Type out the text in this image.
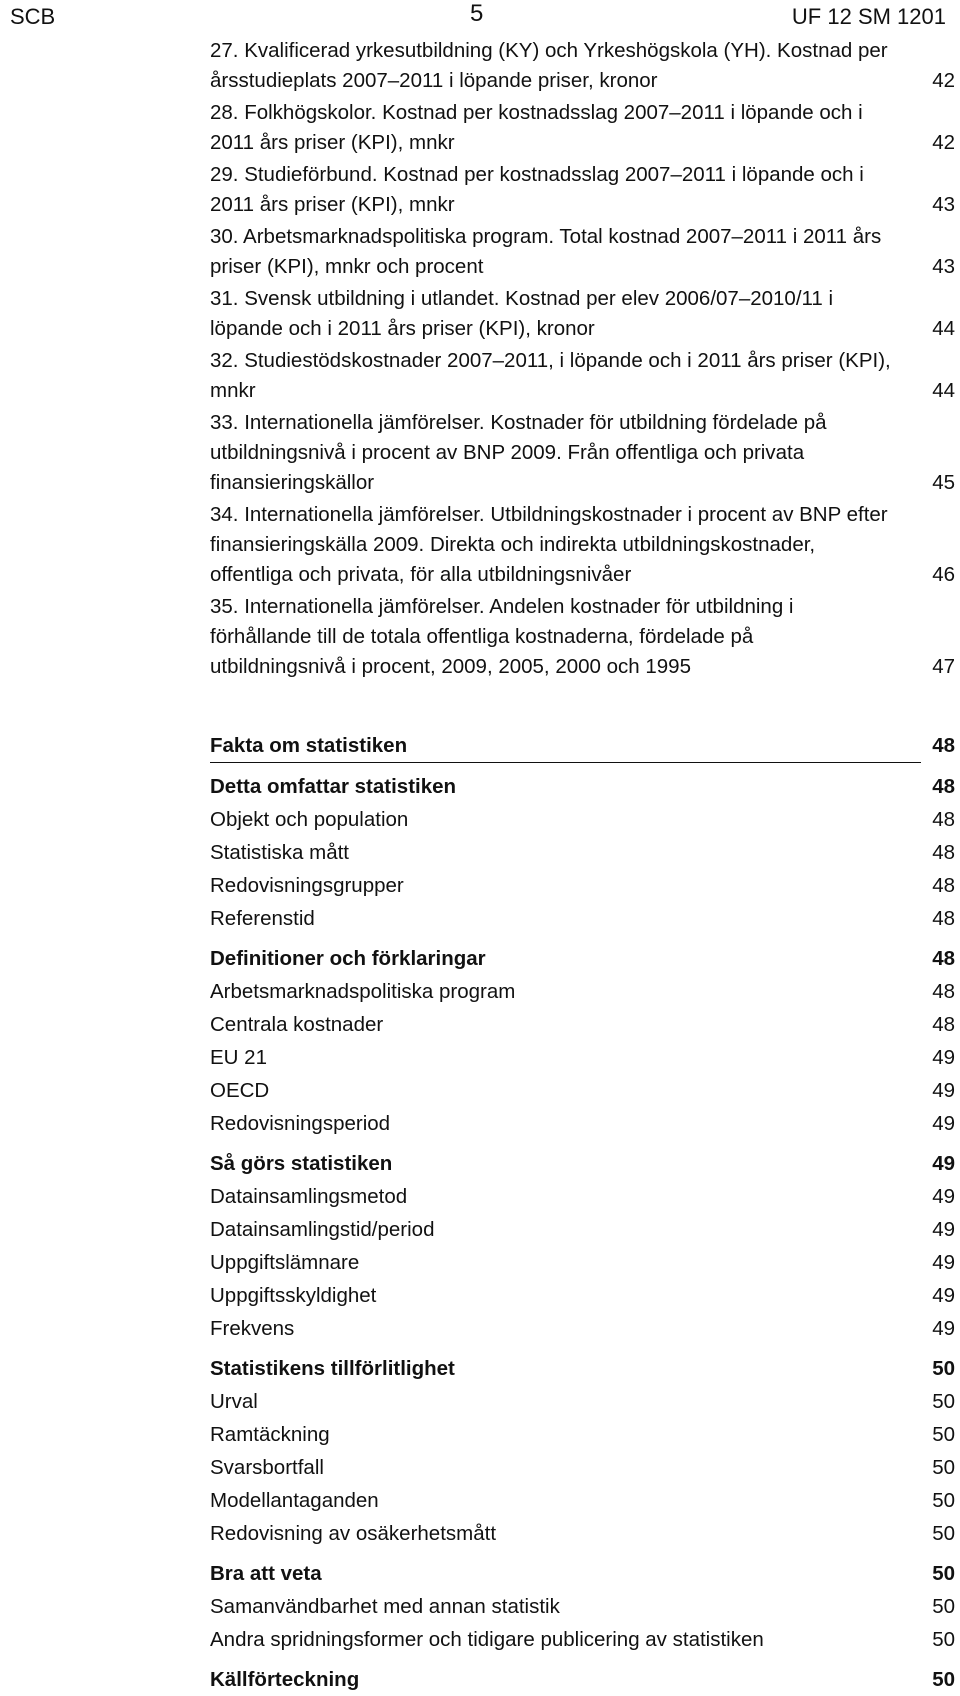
SCB	5	UF 12 SM 1201
27. Kvalificerad yrkesutbildning (KY) och Yrkeshögskola (YH). Kostnad per årsstudieplats 2007–2011 i löpande priser, kronor	42
28. Folkhögskolor. Kostnad per kostnadsslag 2007–2011 i löpande och i 2011 års priser (KPI), mnkr	42
29. Studieförbund. Kostnad per kostnadsslag 2007–2011 i löpande och i 2011 års priser (KPI), mnkr	43
30. Arbetsmarknadspolitiska program. Total kostnad 2007–2011 i 2011 års priser (KPI), mnkr och procent	43
31. Svensk utbildning i utlandet. Kostnad per elev 2006/07–2010/11 i löpande och i 2011 års priser (KPI), kronor	44
32. Studiestödskostnader 2007–2011, i löpande och i 2011 års priser (KPI), mnkr	44
33. Internationella jämförelser. Kostnader för utbildning fördelade på utbildningsnivå i procent av BNP 2009. Från offentliga och privata finansieringskällor	45
34. Internationella jämförelser. Utbildningskostnader i procent av BNP efter finansieringskälla 2009. Direkta och indirekta utbildningskostnader, offentliga och privata, för alla utbildningsnivåer	46
35. Internationella jämförelser. Andelen kostnader för utbildning i förhållande till de totala offentliga kostnaderna, fördelade på utbildningsnivå i procent, 2009, 2005, 2000 och 1995	47
Fakta om statistiken	48
Detta omfattar statistiken	48
Objekt och population	48
Statistiska mått	48
Redovisningsgrupper	48
Referenstid	48
Definitioner och förklaringar	48
Arbetsmarknadspolitiska program	48
Centrala kostnader	48
EU 21	49
OECD	49
Redovisningsperiod	49
Så görs statistiken	49
Datainsamlingsmetod	49
Datainsamlingstid/period	49
Uppgiftslämnare	49
Uppgiftsskyldighet	49
Frekvens	49
Statistikens tillförlitlighet	50
Urval	50
Ramtäckning	50
Svarsbortfall	50
Modellantaganden	50
Redovisning av osäkerhetsmått	50
Bra att veta	50
Samanvändbarhet med annan statistik	50
Andra spridningsformer och tidigare publicering av statistiken	50
Källförteckning	50
